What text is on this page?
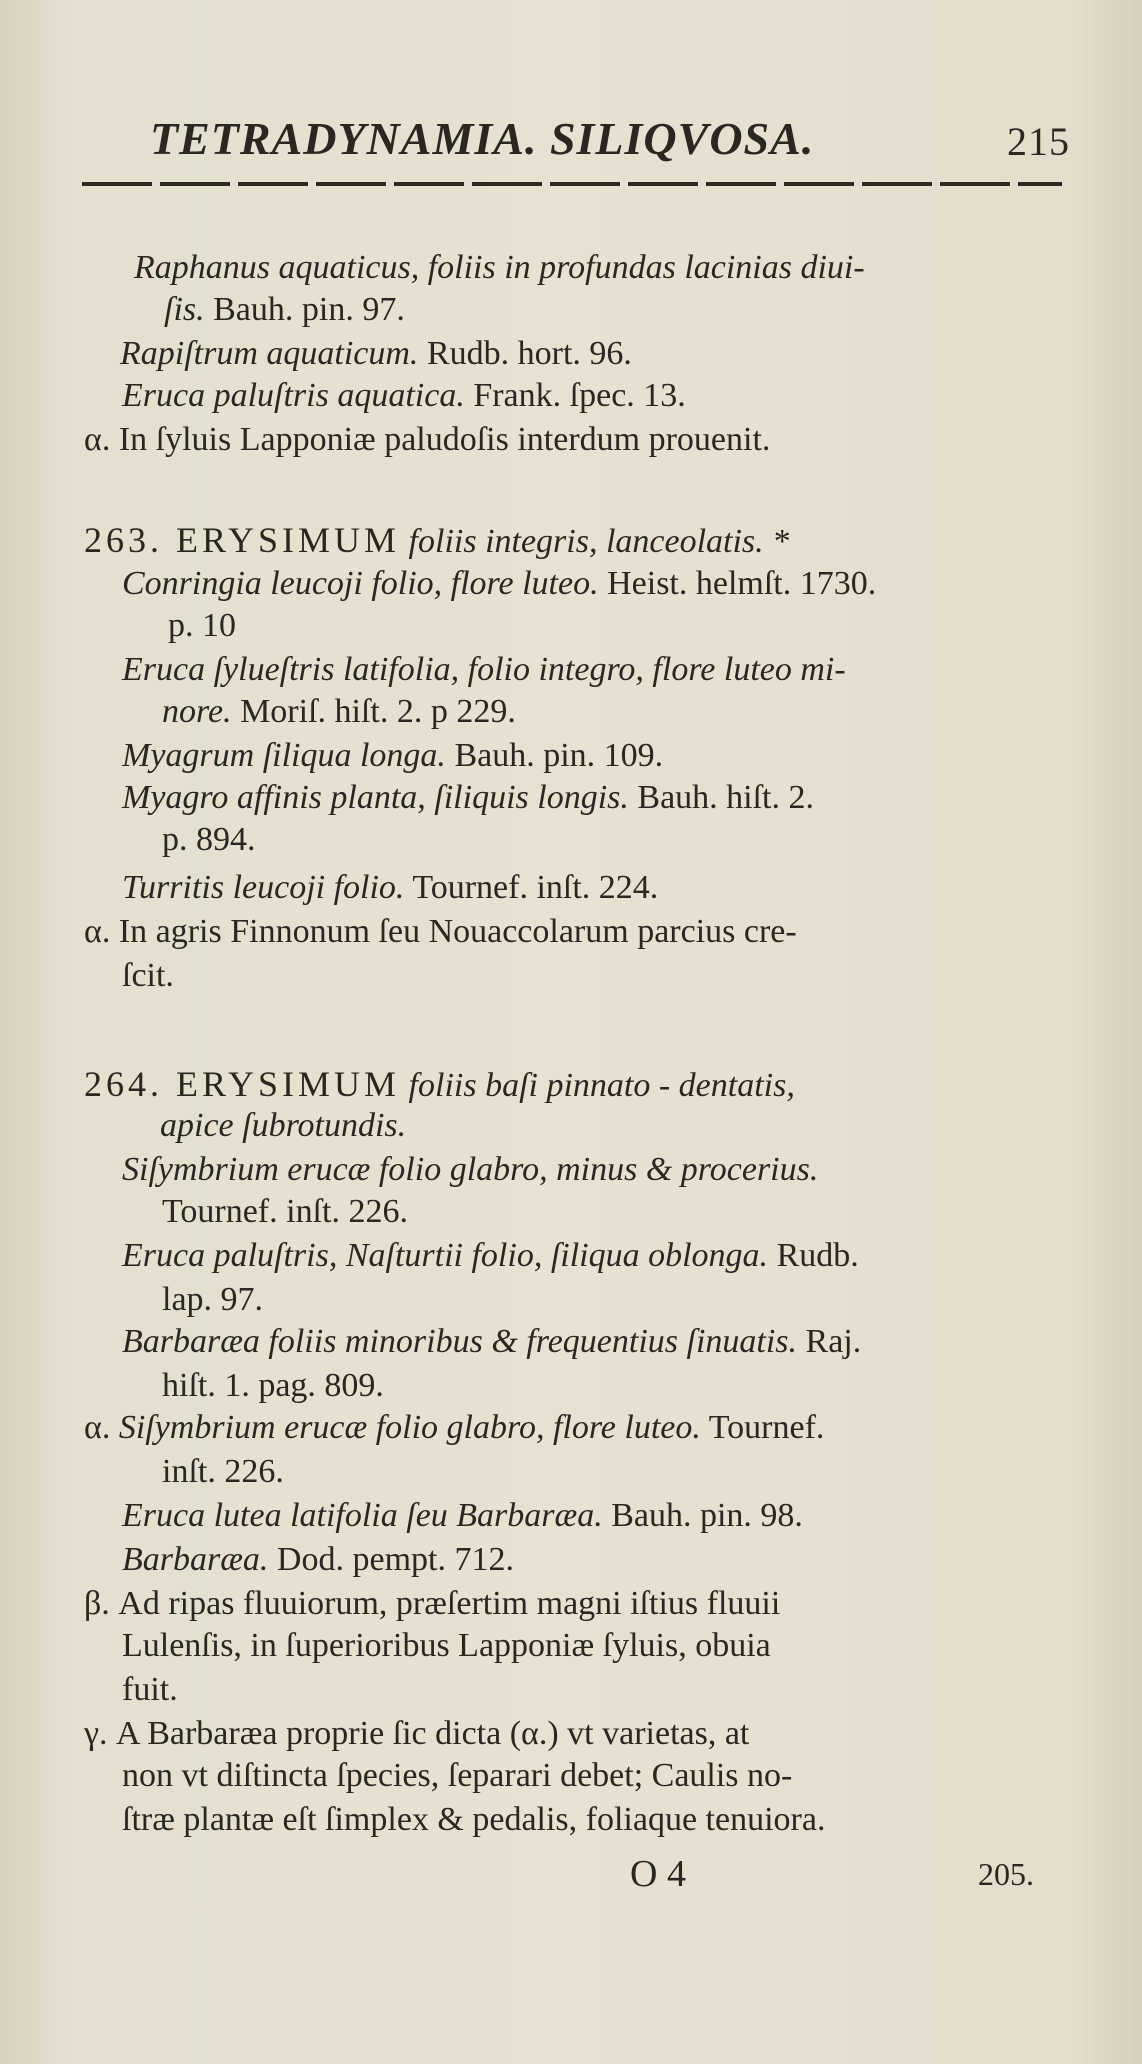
TETRADYNAMIA. SILIQVOSA.	215
Raphanus aquaticus, foliis in profundas lacinias diui-
ſis. Bauh. pin. 97.
Rapiſtrum aquaticum. Rudb. hort. 96.
Eruca paluſtris aquatica. Frank. ſpec. 13.
α. In ſyluis Lapponiæ paludoſis interdum prouenit.
263. ERYSIMUM foliis integris, lanceolatis. *
Conringia leucoji folio, flore luteo. Heist. helmſt. 1730.
p. 10
Eruca ſylueſtris latifolia, folio integro, flore luteo mi-
nore. Moriſ. hiſt. 2. p 229.
Myagrum ſiliqua longa. Bauh. pin. 109.
Myagro affinis planta, ſiliquis longis. Bauh. hiſt. 2.
p. 894.
Turritis leucoji folio. Tournef. inſt. 224.
α. In agris Finnonum ſeu Nouaccolarum parcius cre-
ſcit.
264. ERYSIMUM foliis baſi pinnato - dentatis,
apice ſubrotundis.
Siſymbrium erucæ folio glabro, minus & procerius.
Tournef. inſt. 226.
Eruca paluſtris, Naſturtii folio, ſiliqua oblonga. Rudb.
lap. 97.
Barbaræa foliis minoribus & frequentius ſinuatis. Raj.
hiſt. 1. pag. 809.
α. Siſymbrium erucæ folio glabro, flore luteo. Tournef.
inſt. 226.
Eruca lutea latifolia ſeu Barbaræa. Bauh. pin. 98.
Barbaræa. Dod. pempt. 712.
β. Ad ripas fluuiorum, præſertim magni iſtius fluuii
Lulenſis, in ſuperioribus Lapponiæ ſyluis, obuia
fuit.
γ. A Barbaræa proprie ſic dicta (α.) vt varietas, at
non vt diſtincta ſpecies, ſeparari debet; Caulis no-
ſtræ plantæ eſt ſimplex & pedalis, foliaque tenuiora.
O 4	205.
